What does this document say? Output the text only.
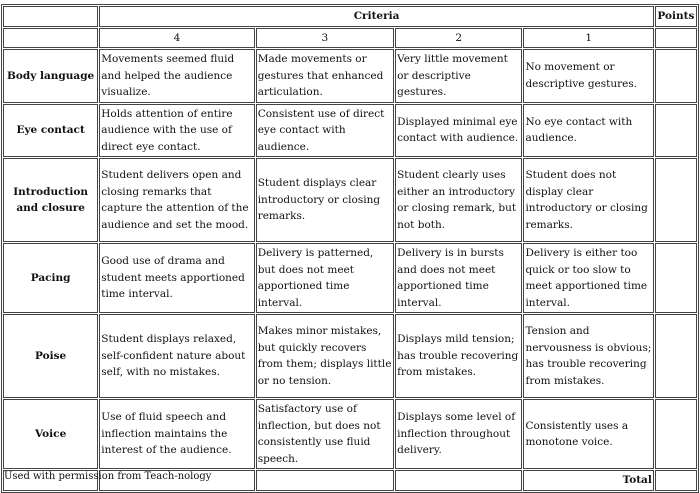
	Criteria				Points
	4	3	2	1	
Body language	Movements seemed fluid and helped the audience visualize.	Made movements or gestures that enhanced articulation.	Very little movement or descriptive gestures.	No movement or descriptive gestures.	
Eye contact	Holds attention of entire audience with the use of direct eye contact.	Consistent use of direct eye contact with audience.	Displayed minimal eye contact with audience.	No eye contact with audience.	
Introduction and closure	Student delivers open and closing remarks that capture the attention of the audience and set the mood.	Student displays clear introductory or closing remarks.	Student clearly uses either an introductory or closing remark, but not both.	Student does not display clear introductory or closing remarks.	
Pacing	Good use of drama and student meets apportioned time interval.	Delivery is patterned, but does not meet apportioned time interval.	Delivery is in bursts and does not meet apportioned time interval.	Delivery is either too quick or too slow to meet apportioned time interval.	
Poise	Student displays relaxed, self-confident nature about self, with no mistakes.	Makes minor mistakes, but quickly recovers from them; displays little or no tension.	Displays mild tension; has trouble recovering from mistakes.	Tension and nervousness is obvious; has trouble recovering from mistakes.	
Voice	Use of fluid speech and inflection maintains the interest of the audience.	Satisfactory use of inflection, but does not consistently use fluid speech.	Displays some level of inflection throughout delivery.	Consistently uses a monotone voice.	
				Total	
Used with permission from Teach-nology
